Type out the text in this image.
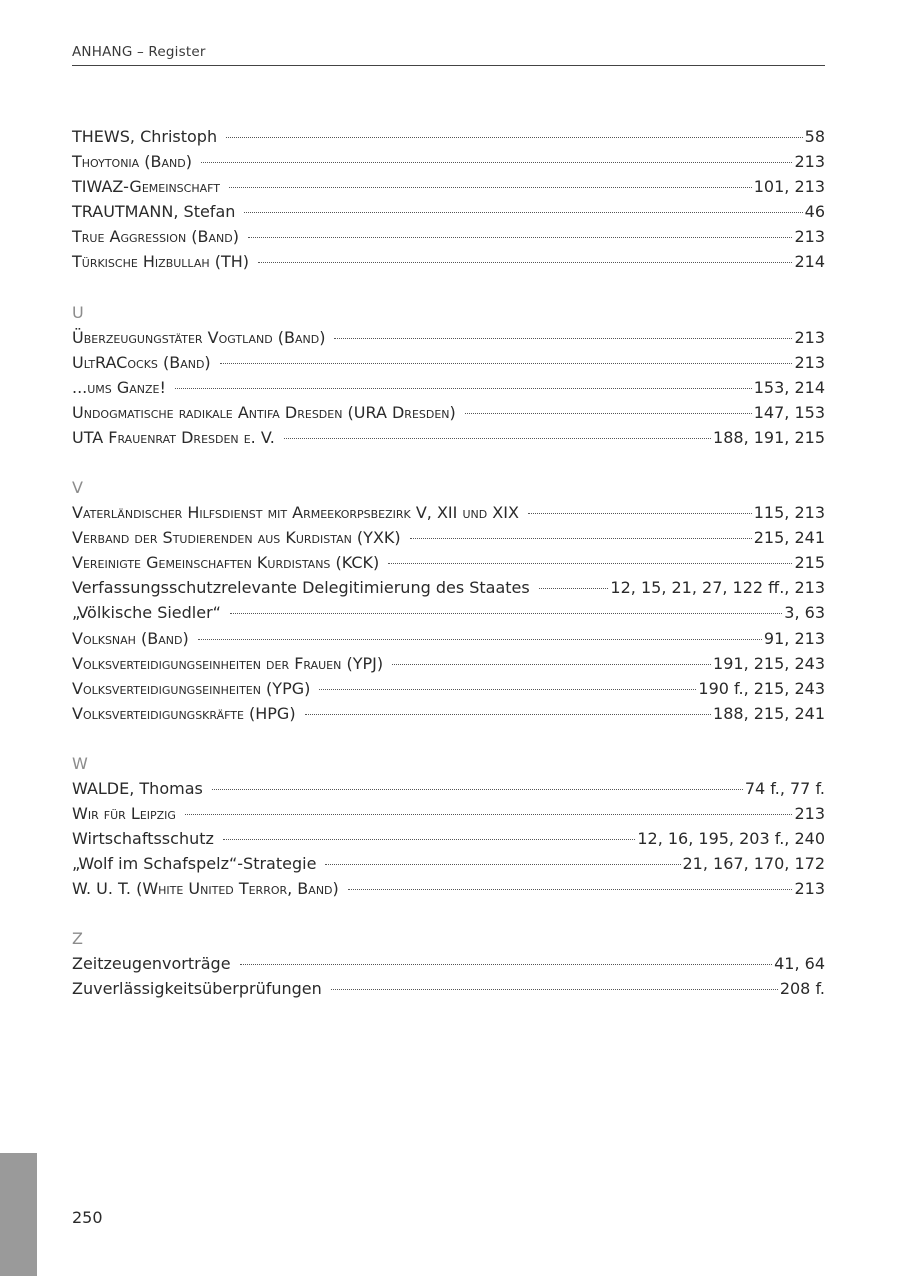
ANHANG – Register
THEWS, Christoph	58
Thoytonia (Band)	213
TIWAZ-Gemeinschaft	101, 213
TRAUTMANN, Stefan	46
True Aggression (Band)	213
Türkische Hizbullah (TH)	214
U
Überzeugungstäter Vogtland (Band)	213
UltRACocks (Band)	213
...ums Ganze!	153, 214
Undogmatische radikale Antifa Dresden (URA Dresden)	147, 153
UTA Frauenrat Dresden e. V.	188, 191, 215
V
Vaterländischer Hilfsdienst mit Armeekorpsbezirk V, XII und XIX	115, 213
Verband der Studierenden aus Kurdistan (YXK)	215, 241
Vereinigte Gemeinschaften Kurdistans (KCK)	215
Verfassungsschutzrelevante Delegitimierung des Staates	12, 15, 21, 27, 122 ff., 213
„Völkische Siedler“	3, 63
Volksnah (Band)	91, 213
Volksverteidigungseinheiten der Frauen (YPJ)	191, 215, 243
Volksverteidigungseinheiten (YPG)	190 f., 215, 243
Volksverteidigungskräfte (HPG)	188, 215, 241
W
WALDE, Thomas	74 f., 77 f.
Wir für Leipzig	213
Wirtschaftsschutz	12, 16, 195, 203 f., 240
„Wolf im Schafspelz“-Strategie	21, 167, 170, 172
W. U. T. (White United Terror, Band)	213
Z
Zeitzeugenvorträge	41, 64
Zuverlässigkeitsüberprüfungen	208 f.
250
